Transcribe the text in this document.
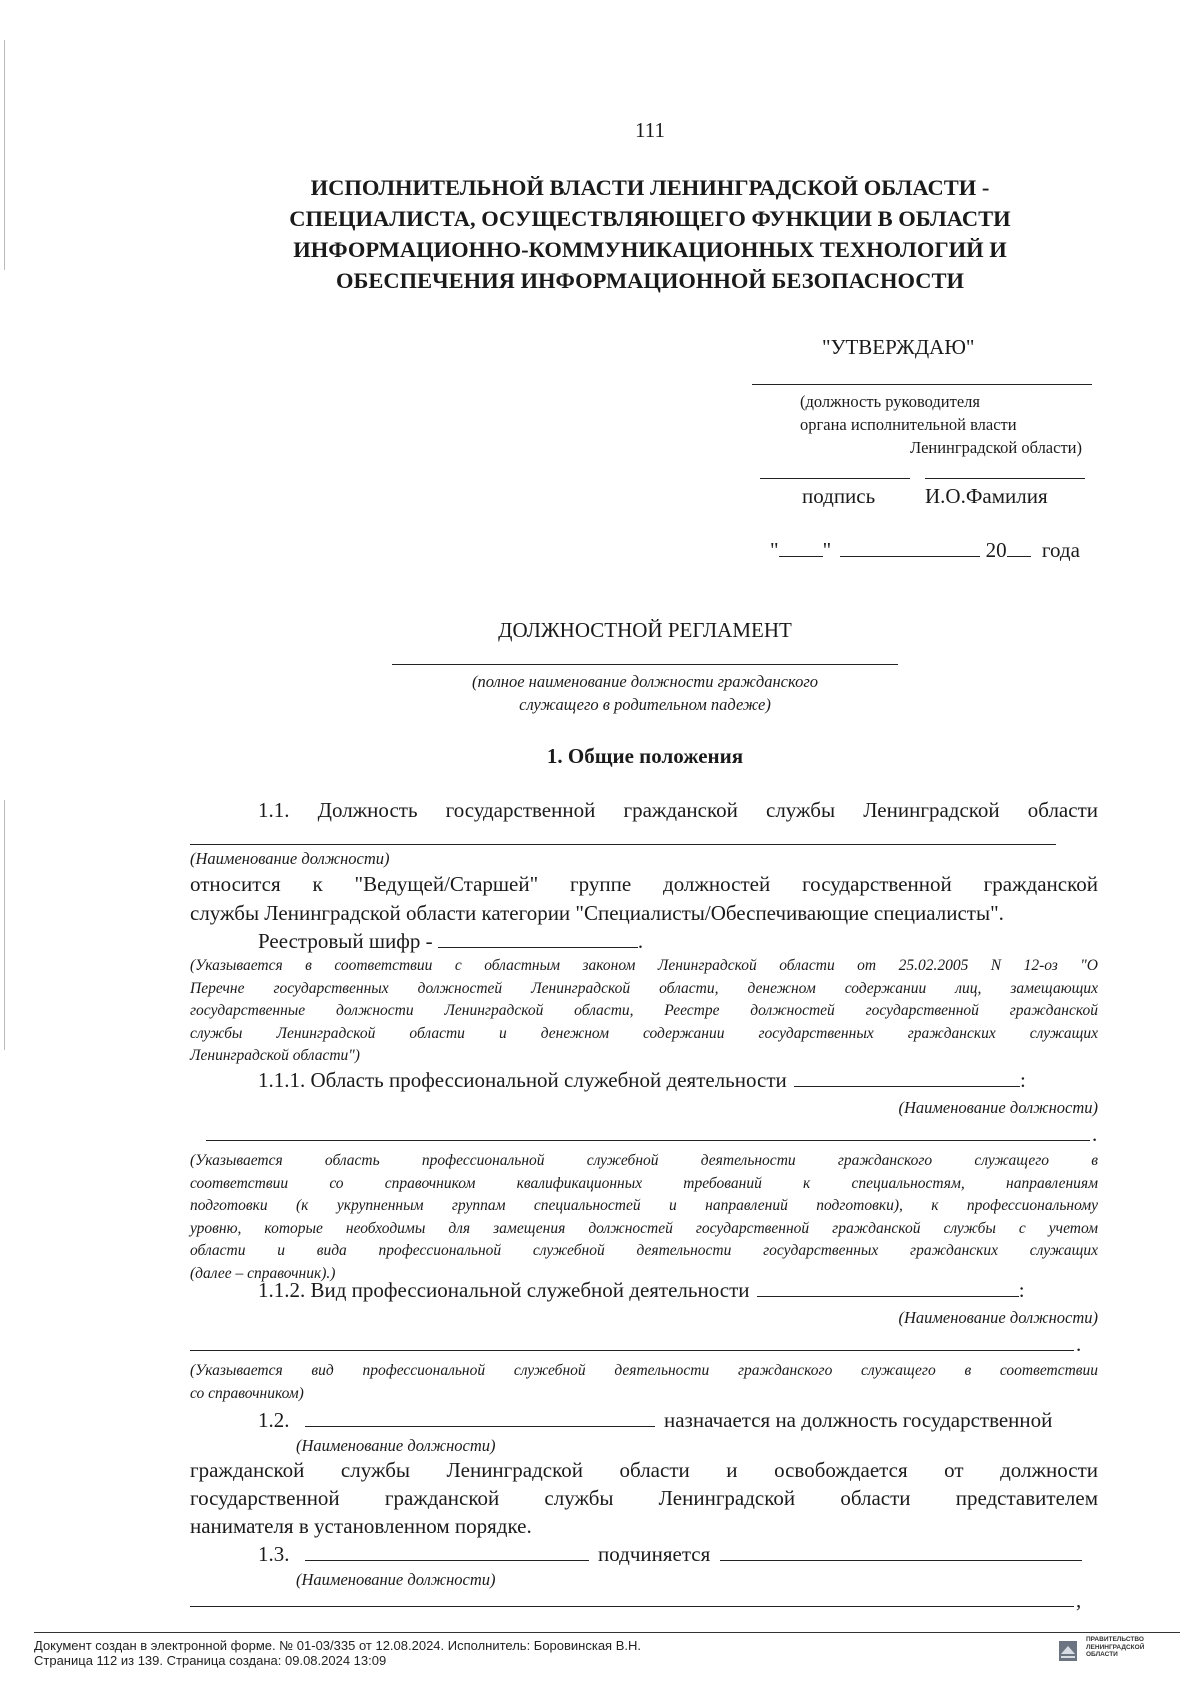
111
ИСПОЛНИТЕЛЬНОЙ ВЛАСТИ ЛЕНИНГРАДСКОЙ ОБЛАСТИ -
СПЕЦИАЛИСТА, ОСУЩЕСТВЛЯЮЩЕГО ФУНКЦИИ В ОБЛАСТИ
ИНФОРМАЦИОННО-КОММУНИКАЦИОННЫХ ТЕХНОЛОГИЙ И
ОБЕСПЕЧЕНИЯ ИНФОРМАЦИОННОЙ БЕЗОПАСНОСТИ
"УТВЕРЖДАЮ"
(должность руководителя
органа исполнительной власти
Ленинградской области)
подпись И.О.Фамилия
" "	20 года
ДОЛЖНОСТНОЙ РЕГЛАМЕНТ
(полное наименование должности гражданского
служащего в родительном падеже)
1. Общие положения
1.1. Должность государственной гражданской службы Ленинградской области
(Наименование должности)
относится к "Ведущей/Старшей" группе должностей государственной гражданской
службы Ленинградской области категории "Специалисты/Обеспечивающие специалисты".
Реестровый шифр -	.
(Указывается в соответствии с областным законом Ленинградской области от 25.02.2005 N 12-оз "О
Перечне государственных должностей Ленинградской области, денежном содержании лиц, замещающих
государственные должности Ленинградской области, Реестре должностей государственной гражданской
службы Ленинградской области и денежном содержании государственных гражданских служащих
Ленинградской области")
1.1.1. Область профессиональной служебной деятельности	:
(Наименование должности)
.
(Указывается область профессиональной служебной деятельности гражданского служащего в
соответствии со справочником квалификационных требований к специальностям, направлениям
подготовки (к укрупненным группам специальностей и направлений подготовки), к профессиональному
уровню, которые необходимы для замещения должностей государственной гражданской службы с учетом
области и вида профессиональной служебной деятельности государственных гражданских служащих
(далее – справочник).)
1.1.2. Вид профессиональной служебной деятельности	:
(Наименование должности)
.
(Указывается вид профессиональной служебной деятельности гражданского служащего в соответствии
со справочником)
1.2.	назначается на должность государственной
(Наименование должности)
гражданской службы Ленинградской области и освобождается от должности
государственной гражданской службы Ленинградской области представителем
нанимателя в установленном порядке.
1.3.	подчиняется
(Наименование должности)
,
Документ создан в электронной форме. № 01-03/335 от 12.08.2024. Исполнитель: Боровинская В.Н.
Страница 112 из 139. Страница создана: 09.08.2024 13:09
ПРАВИТЕЛЬСТВО
ЛЕНИНГРАДСКОЙ
ОБЛАСТИ
